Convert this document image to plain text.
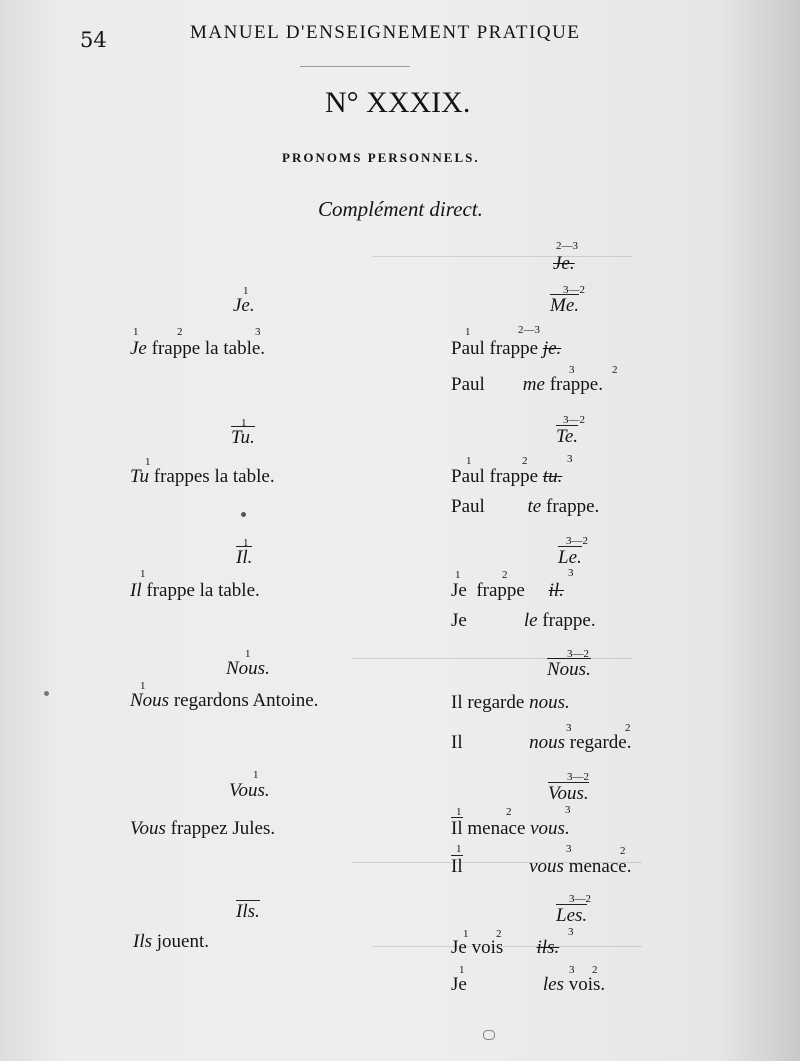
54	MANUEL D'ENSEIGNEMENT PRATIQUE
N° XXXIX.
PRONOMS PERSONNELS.
Complément direct.
1
Je.
1	2	3
Je frappe la table.
1
Tu.
1
Tu frappes la table.
1
Il.
1
Il frappe la table.
1
Nous.
1
Nous regardons Antoine.
1
Vous.
Vous frappez Jules.
Ils.
Ils jouent.
2—3
Je.
3—2
Me.
1	2—3
Paul frappe je.
3	2
Paul me frappe.
3—2
Te.
1	2	3
Paul frappe tu.
Paul te frappe.
3—2
Le.
1	2	3
Je frappe il.
Je	le frappe.
3—2
Nous.
Il regarde nous.
3	2
Il	nous regarde.
3—2
Vous.
1	2	3
Il menace vous.
1	3	2
Il	vous menace.
3—2
Les.
1	2	3
Je vois ils.
1	3 2
Je	les vois.
